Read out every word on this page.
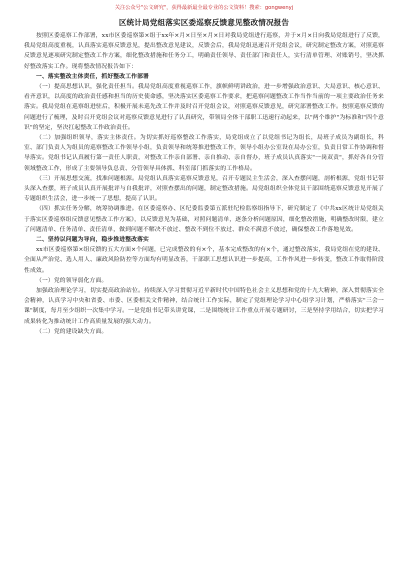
关注公众号"公文研究"，获得最新最全最专业的公文资料！搜索：gongwenyj
区统计局党组落实区委巡察反馈意见整改情况报告

按照区委巡察工作部署，xx市区委巡察第×组于xx年×月×日至×月×日对我局党组进行巡察，并于×月×日向我局党组进行了反馈，我局党组高度重视，认真落实巡察反馈意见，提出整改意见建议，反馈会后，我局党组迅速召开党组会议，研究制定整改方案，对照巡察反馈意见逐项研究制定整改工作方案，细化整改措施和任务分工，明确责任领导、责任部门和责任人，实行清单管理、对账销号，坚决抓好整改落实工作。现将整改情况报告如下：

一、落实整改主体责任，抓好整改工作部署

（一）提高思想认识，强化责任担当。我局党组高度重视巡察工作，旗帜鲜明讲政治，进一步增强政治意识、大局意识、核心意识、看齐意识，以高度的政治责任感和担当的历史使命感，坚决落实区委巡察工作要求，把巡察问题整改工作当作当前的一项主要政治任务来落实。我局党组在巡察组进驻后，积极开展未巡先改工作并及时召开党组会议，对照巡察反馈意见，研究部署整改工作。按照巡察反馈的问题进行了梳理，及时召开党组会议对巡察反馈意见进行了认真研究，带领局全体干部职工迅速行动起来，以"两个维护"为标准和"四个意识"的坚定，坚决扛起整改工作政治责任。

（二）加强组织领导，落实主体责任。为切实抓好巡察整改工作落实，局党组成立了以党组书记为组长，局班子成员为副组长，科室、部门负责人为组员的巡察整改工作领导小组，负责领导和统筹推进整改工作，领导小组办公室设在局办公室，负责日常工作协调和督导落实。党组书记认真履行第一责任人职责，对整改工作亲自部署、亲自推动、亲自督办，班子成员认真落实"一岗双责"，抓好各自分管领域整改工作，形成了主要领导负总责、分管领导具体抓、科室部门抓落实的工作格局。

（三）开展思想交流，找准问题根源。局党组认真落实巡察反馈意见，召开专题民主生活会，深入查摆问题，剖析根源，党组书记带头深入查摆，班子成员认真开展批评与自我批评，对照查摆出的问题，制定整改措施。局党组组织全体党员干部围绕巡察反馈意见开展了专题组织生活会，进一步统一了思想，提高了认识。

（四）抓实任务分解，统筹协调推进。在区委巡察办、区纪委监委第五派驻纪检监察组指导下，研究制定了《中共xx区统计局党组关于落实区委巡察组反馈意见整改工作方案》，以反馈意见为基础，对照问题清单，逐条分析问题原因，细化整改措施，明确整改时限，建立了问题清单、任务清单、责任清单，做到问题不解决不放过、整改不到位不放过、群众不满意不放过，确保整改工作落地见效。

二、坚持以问题为导向，稳步推进整改落实

xx市区委巡察第×组反馈的五大方面×个问题，已完成整改的有×个，基本完成整改的有×个，通过整改落实，我局党组在党的建设、全面从严治党、选人用人、廉政风险防控等方面均有明显改善，干部职工思想认识进一步提高，工作作风进一步转变，整改工作取得阶段性成效。

（一）党的领导弱化方面。

加强政治理论学习，切实提高政治站位。持续深入学习贯彻习近平新时代中国特色社会主义思想和党的十九大精神，深入贯彻落实全会精神，认真学习中央和省委、市委、区委相关文件精神，结合统计工作实际，制定了党组理论学习中心组学习计划，严格落实"三会一课"制度，每月至少组织一次集中学习。一是党组书记带头讲党课，二是围绕统计工作重点开展专题研讨，三是坚持学用结合，切实把学习成果转化为推动统计工作高质量发展的强大动力。

（二）党的建设缺失方面。
